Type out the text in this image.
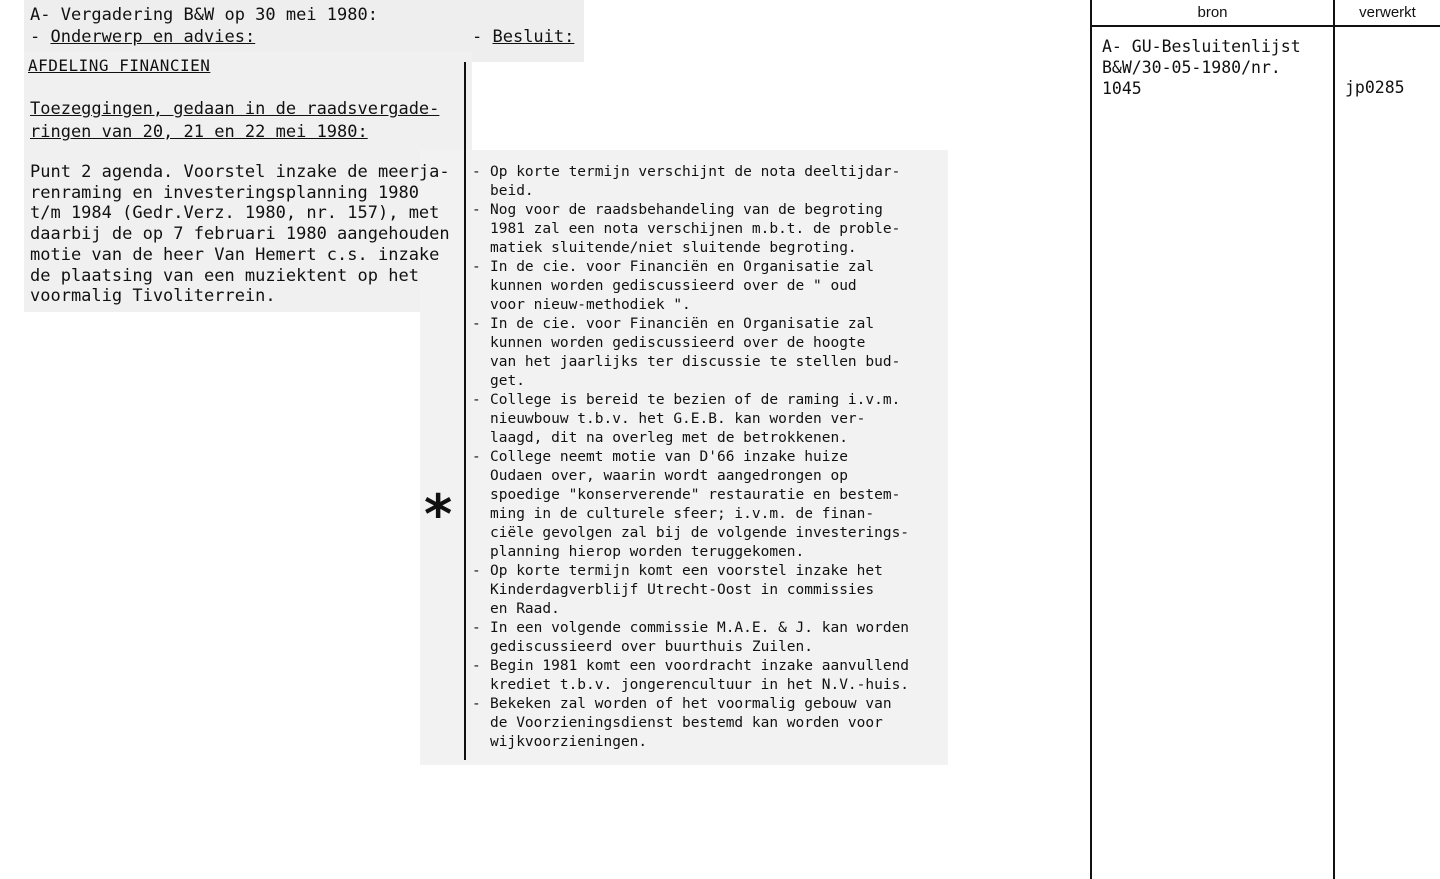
A- Vergadering B&W op 30 mei 1980:
- Onderwerp en advies:	- Besluit:
AFDELING FINANCIEN
Toezeggingen, gedaan in de raadsvergade-
ringen van 20, 21 en 22 mei 1980:
Punt 2 agenda. Voorstel inzake de meerja-
renraming en investeringsplanning 1980
t/m 1984 (Gedr.Verz. 1980, nr. 157), met
daarbij de op 7 februari 1980 aangehouden
motie van de heer Van Hemert c.s. inzake
de plaatsing van een muziektent op het
voormalig Tivoliterrein.
- Op korte termijn verschijnt de nota deeltijdar-
beid.
- Nog voor de raadsbehandeling van de begroting
1981 zal een nota verschijnen m.b.t. de proble-
matiek sluitende/niet sluitende begroting.
- In de cie. voor Financiën en Organisatie zal
kunnen worden gediscussieerd over de " oud
voor nieuw-methodiek ".
- In de cie. voor Financiën en Organisatie zal
kunnen worden gediscussieerd over de hoogte
van het jaarlijks ter discussie te stellen bud-
get.
- College is bereid te bezien of de raming i.v.m.
nieuwbouw t.b.v. het G.E.B. kan worden ver-
laagd, dit na overleg met de betrokkenen.
- College neemt motie van D'66 inzake huize
Oudaen over, waarin wordt aangedrongen op
spoedige "konserverende" restauratie en bestem-
ming in de culturele sfeer; i.v.m. de finan-
ciële gevolgen zal bij de volgende investerings-
planning hierop worden teruggekomen.
- Op korte termijn komt een voorstel inzake het
Kinderdagverblijf Utrecht-Oost in commissies
en Raad.
- In een volgende commissie M.A.E. & J. kan worden
gediscussieerd over buurthuis Zuilen.
- Begin 1981 komt een voordracht inzake aanvullend
krediet t.b.v. jongerencultuur in het N.V.-huis.
- Bekeken zal worden of het voormalig gebouw van
de Voorzieningsdienst bestemd kan worden voor
wijkvoorzieningen.
*
bron	verwerkt
A- GU-Besluitenlijst
B&W/30-05-1980/nr.
1045	jp0285
